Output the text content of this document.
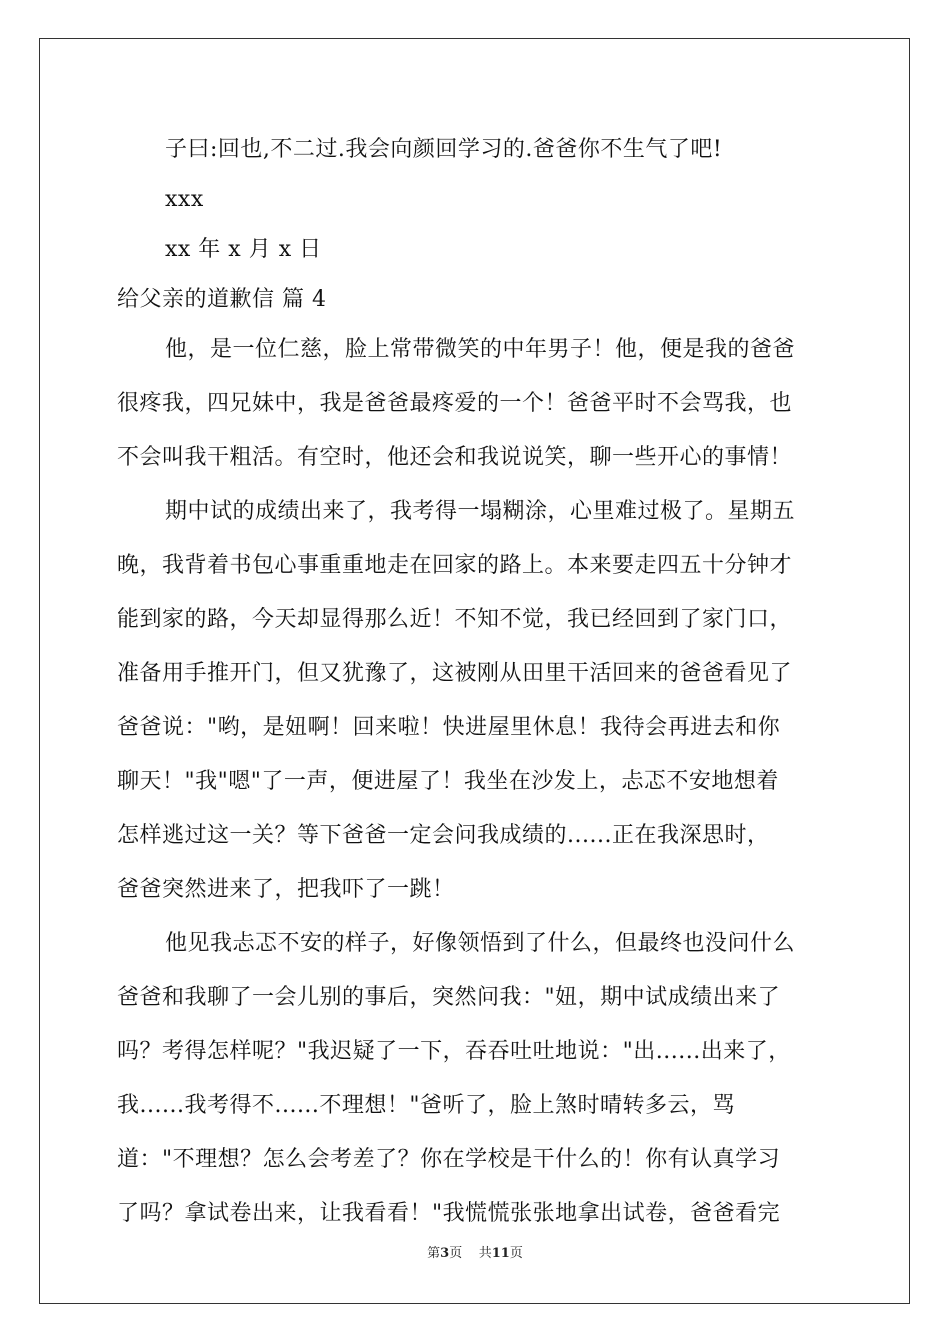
子曰:回也,不二过.我会向颜回学习的.爸爸你不生气了吧!
xxx
xx 年 x 月 x 日
给父亲的道歉信 篇 4
他，是一位仁慈，脸上常带微笑的中年男子！他，便是我的爸爸
很疼我，四兄妹中，我是爸爸最疼爱的一个！爸爸平时不会骂我，也
不会叫我干粗活。有空时，他还会和我说说笑，聊一些开心的事情！
期中试的成绩出来了，我考得一塌糊涂，心里难过极了。星期五
晚，我背着书包心事重重地走在回家的路上。本来要走四五十分钟才
能到家的路，今天却显得那么近！不知不觉，我已经回到了家门口，
准备用手推开门，但又犹豫了，这被刚从田里干活回来的爸爸看见了
爸爸说："哟，是妞啊！回来啦！快进屋里休息！我待会再进去和你
聊天！"我"嗯"了一声，便进屋了！我坐在沙发上，忐忑不安地想着
怎样逃过这一关？等下爸爸一定会问我成绩的......正在我深思时，
爸爸突然进来了，把我吓了一跳！
他见我忐忑不安的样子，好像领悟到了什么，但最终也没问什么
爸爸和我聊了一会儿别的事后，突然问我："妞，期中试成绩出来了
吗？考得怎样呢？"我迟疑了一下，吞吞吐吐地说："出......出来了，
我......我考得不......不理想！"爸听了，脸上煞时晴转多云，骂
道："不理想？怎么会考差了？你在学校是干什么的！你有认真学习
了吗？拿试卷出来，让我看看！"我慌慌张张地拿出试卷，爸爸看完
第3页    共11页
